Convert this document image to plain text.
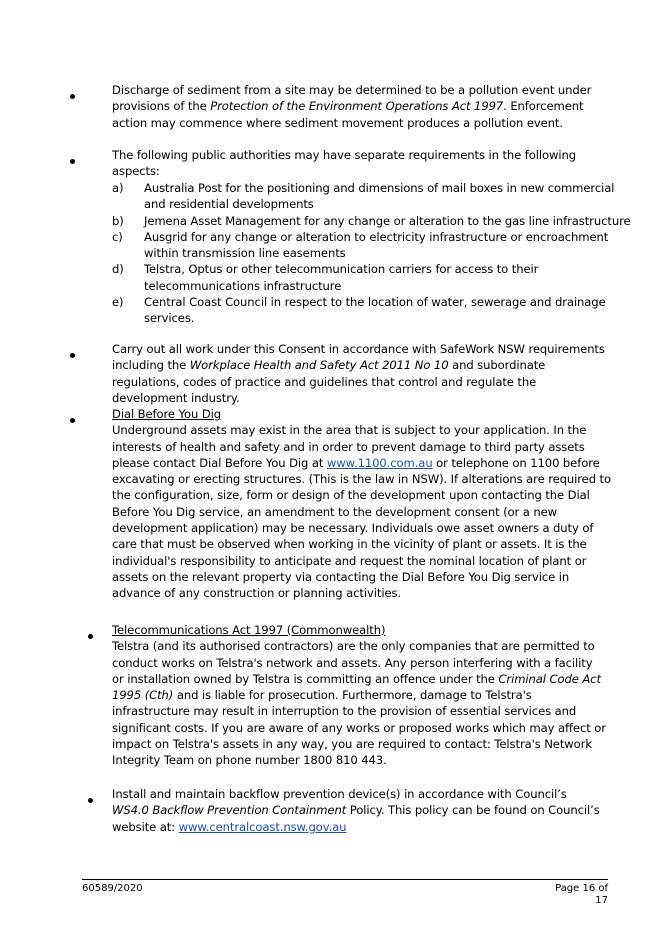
Discharge of sediment from a site may be determined to be a pollution event under provisions of the Protection of the Environment Operations Act 1997. Enforcement action may commence where sediment movement produces a pollution event.

The following public authorities may have separate requirements in the following aspects:

a) Australia Post for the positioning and dimensions of mail boxes in new commercial and residential developments
b) Jemena Asset Management for any change or alteration to the gas line infrastructure
c) Ausgrid for any change or alteration to electricity infrastructure or encroachment within transmission line easements
d) Telstra, Optus or other telecommunication carriers for access to their telecommunications infrastructure
e) Central Coast Council in respect to the location of water, sewerage and drainage services.

Carry out all work under this Consent in accordance with SafeWork NSW requirements including the Workplace Health and Safety Act 2011 No 10 and subordinate regulations, codes of practice and guidelines that control and regulate the development industry.

Dial Before You Dig

Underground assets may exist in the area that is subject to your application. In the interests of health and safety and in order to prevent damage to third party assets please contact Dial Before You Dig at www.1100.com.au or telephone on 1100 before excavating or erecting structures. (This is the law in NSW). If alterations are required to the configuration, size, form or design of the development upon contacting the Dial Before You Dig service, an amendment to the development consent (or a new development application) may be necessary. Individuals owe asset owners a duty of care that must be observed when working in the vicinity of plant or assets. It is the individual's responsibility to anticipate and request the nominal location of plant or assets on the relevant property via contacting the Dial Before You Dig service in advance of any construction or planning activities.

Telecommunications Act 1997 (Commonwealth)

Telstra (and its authorised contractors) are the only companies that are permitted to conduct works on Telstra's network and assets. Any person interfering with a facility or installation owned by Telstra is committing an offence under the Criminal Code Act 1995 (Cth) and is liable for prosecution. Furthermore, damage to Telstra's infrastructure may result in interruption to the provision of essential services and significant costs. If you are aware of any works or proposed works which may affect or impact on Telstra's assets in any way, you are required to contact: Telstra's Network Integrity Team on phone number 1800 810 443.

Install and maintain backflow prevention device(s) in accordance with Council’s WS4.0 Backflow Prevention Containment Policy. This policy can be found on Council’s website at: www.centralcoast.nsw.gov.au

60589/2020	Page 16 of 17
